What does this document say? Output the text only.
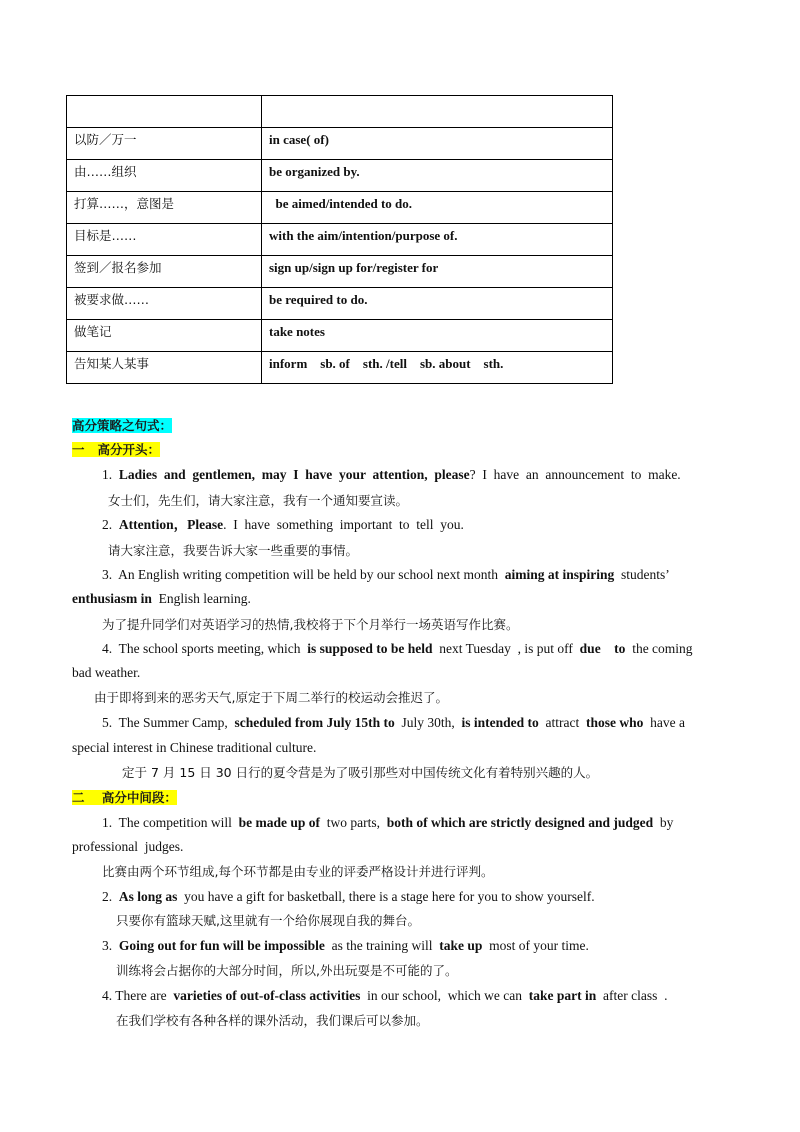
以防／万一	in case( of)
由……组织	be organized by.
打算……，意图是	be aimed/intended to do.
目标是……	with the aim/intention/purpose of.
签到／报名参加	sign up/sign up for/register for
被要求做……	be required to do.
做笔记	take notes
告知某人某事	inform    sb. of    sth. /tell    sb. about    sth.
高分策略之句式：
一   高分开头：
1.  Ladies  and  gentlemen,  may  I  have  your  attention,  please?  I  have  an  announcement  to  make.
女士们，先生们，请大家注意，我有一个通知要宣读。
2.  Attention，Please.  I  have  something  important  to  tell  you.
请大家注意，我要告诉大家一些重要的事情。
3.  An English writing competition will be held by our school next month  aiming at inspiring  students’
enthusiasm in  English learning.
为了提升同学们对英语学习的热情,我校将于下个月举行一场英语写作比赛。
4.  The school sports meeting, which  is supposed to be held  next Tuesday  , is put off  due    to  the coming
bad weather.
由于即将到来的恶劣天气,原定于下周二举行的校运动会推迟了。
5.  The Summer Camp,  scheduled from July 15th to  July 30th,  is intended to  attract  those who  have a
special interest in Chinese traditional culture.
定于 7 月 15 日 30 日行的夏令营是为了吸引那些对中国传统文化有着特别兴趣的人。
二    高分中间段：
1.  The competition will  be made up of  two parts,  both of which are strictly designed and judged  by
professional  judges.
比赛由两个环节组成,每个环节都是由专业的评委严格设计并进行评判。
2.  As long as  you have a gift for basketball, there is a stage here for you to show yourself.
只要你有篮球天赋,这里就有一个给你展现自我的舞台。
3.  Going out for fun will be impossible  as the training will  take up  most of your time.
训练将会占据你的大部分时间，所以,外出玩耍是不可能的了。
4. There are  varieties of out-of-class activities  in our school,  which we can  take part in  after class  .
在我们学校有各种各样的课外活动，我们课后可以参加。
